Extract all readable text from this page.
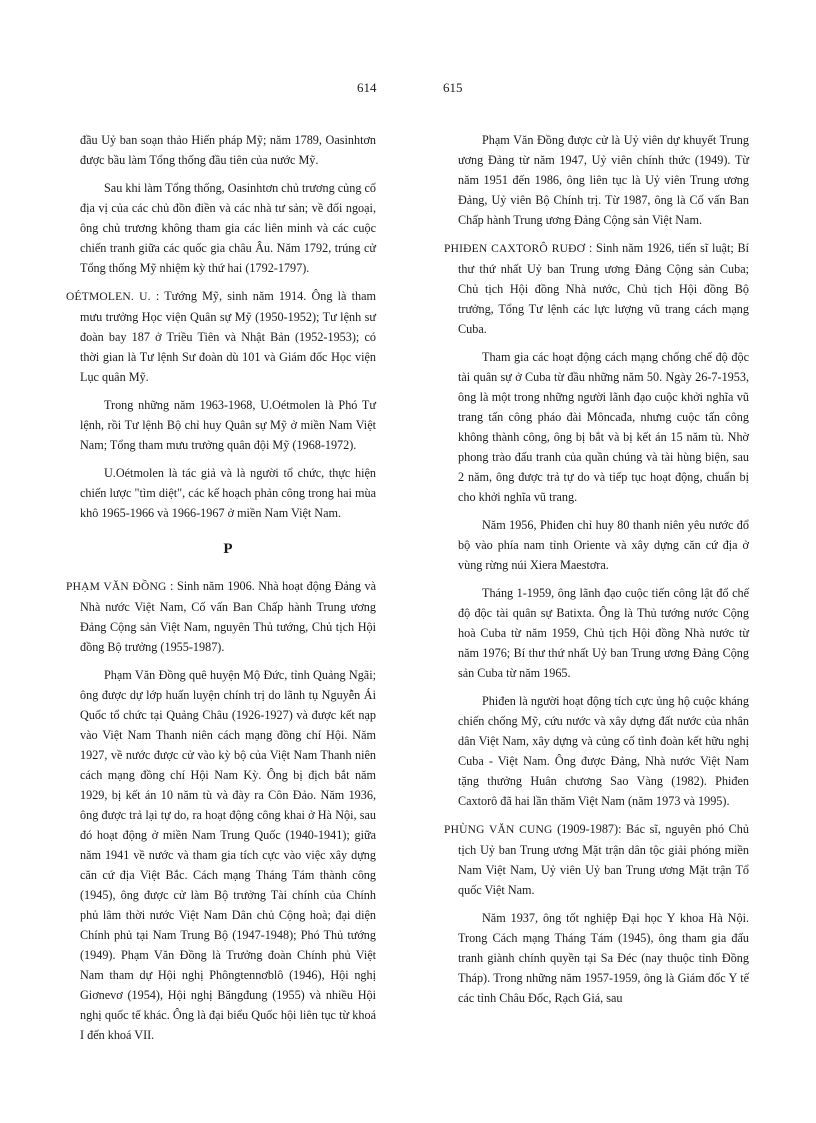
614	615

đầu Uỷ ban soạn thảo Hiến pháp Mỹ; năm 1789, Oasinhtơn được bầu làm Tổng thống đầu tiên của nước Mỹ.

Sau khi làm Tổng thống, Oasinhtơn chủ trương củng cố địa vị của các chủ đồn điền và các nhà tư sản; về đối ngoại, ông chủ trương không tham gia các liên minh và các cuộc chiến tranh giữa các quốc gia châu Âu. Năm 1792, trúng cử Tổng thống Mỹ nhiệm kỳ thứ hai (1792-1797).

OÉTMOLEN. U. : Tướng Mỹ, sinh năm 1914. Ông là tham mưu trưởng Học viện Quân sự Mỹ (1950-1952); Tư lệnh sư đoàn bay 187 ở Triều Tiên và Nhật Bản (1952-1953); có thời gian là Tư lệnh Sư đoàn dù 101 và Giám đốc Học viện Lục quân Mỹ.

Trong những năm 1963-1968, U.Oétmolen là Phó Tư lệnh, rồi Tư lệnh Bộ chỉ huy Quân sự Mỹ ở miền Nam Việt Nam; Tổng tham mưu trưởng quân đội Mỹ (1968-1972).

U.Oétmolen là tác giả và là người tổ chức, thực hiện chiến lược "tìm diệt", các kế hoạch phản công trong hai mùa khô 1965-1966 và 1966-1967 ở miền Nam Việt Nam.

P

PHẠM VĂN ĐỒNG : Sinh năm 1906. Nhà hoạt động Đảng và Nhà nước Việt Nam, Cố vấn Ban Chấp hành Trung ương Đảng Cộng sản Việt Nam, nguyên Thủ tướng, Chủ tịch Hội đồng Bộ trưởng (1955-1987).

Phạm Văn Đồng quê huyện Mộ Đức, tỉnh Quảng Ngãi; ông được dự lớp huấn luyện chính trị do lãnh tụ Nguyễn Ái Quốc tổ chức tại Quảng Châu (1926-1927) và được kết nạp vào Việt Nam Thanh niên cách mạng đồng chí Hội. Năm 1927, về nước được cử vào kỳ bộ của Việt Nam Thanh niên cách mạng đồng chí Hội Nam Kỳ. Ông bị địch bắt năm 1929, bị kết án 10 năm tù và đày ra Côn Đảo. Năm 1936, ông được trả lại tự do, ra hoạt động công khai ở Hà Nội, sau đó hoạt động ở miền Nam Trung Quốc (1940-1941); giữa năm 1941 về nước và tham gia tích cực vào việc xây dựng căn cứ địa Việt Bắc. Cách mạng Tháng Tám thành công (1945), ông được cử làm Bộ trưởng Tài chính của Chính phủ lâm thời nước Việt Nam Dân chủ Cộng hoà; đại diện Chính phủ tại Nam Trung Bộ (1947-1948); Phó Thủ tướng (1949). Phạm Văn Đồng là Trưởng đoàn Chính phủ Việt Nam tham dự Hội nghị Phôngtennơblô (1946), Hội nghị Giơnevơ (1954), Hội nghị Băngđung (1955) và nhiều Hội nghị quốc tế khác. Ông là đại biểu Quốc hội liên tục từ khoá I đến khoá VII.

Phạm Văn Đồng được cử là Uỷ viên dự khuyết Trung ương Đảng từ năm 1947, Uỷ viên chính thức (1949). Từ năm 1951 đến 1986, ông liên tục là Uỷ viên Trung ương Đảng, Uỷ viên Bộ Chính trị. Từ 1987, ông là Cố vấn Ban Chấp hành Trung ương Đảng Cộng sản Việt Nam.

PHIĐEN CAXTORÔ RUĐƠ : Sinh năm 1926, tiến sĩ luật; Bí thư thứ nhất Uỷ ban Trung ương Đảng Cộng sản Cuba; Chủ tịch Hội đồng Nhà nước, Chủ tịch Hội đồng Bộ trưởng, Tổng Tư lệnh các lực lượng vũ trang cách mạng Cuba.

Tham gia các hoạt động cách mạng chống chế độ độc tài quân sự ở Cuba từ đầu những năm 50. Ngày 26-7-1953, ông là một trong những người lãnh đạo cuộc khởi nghĩa vũ trang tấn công pháo đài Môncađa, nhưng cuộc tấn công không thành công, ông bị bắt và bị kết án 15 năm tù. Nhờ phong trào đấu tranh của quần chúng và tài hùng biện, sau 2 năm, ông được trả tự do và tiếp tục hoạt động, chuẩn bị cho khởi nghĩa vũ trang.

Năm 1956, Phiđen chỉ huy 80 thanh niên yêu nước đổ bộ vào phía nam tỉnh Oriente và xây dựng căn cứ địa ở vùng rừng núi Xiera Maestơra.

Tháng 1-1959, ông lãnh đạo cuộc tiến công lật đổ chế độ độc tài quân sự Batixta. Ông là Thủ tướng nước Cộng hoà Cuba từ năm 1959, Chủ tịch Hội đồng Nhà nước từ năm 1976; Bí thư thứ nhất Uỷ ban Trung ương Đảng Cộng sản Cuba từ năm 1965.

Phiđen là người hoạt động tích cực ủng hộ cuộc kháng chiến chống Mỹ, cứu nước và xây dựng đất nước của nhân dân Việt Nam, xây dựng và củng cố tình đoàn kết hữu nghị Cuba - Việt Nam. Ông được Đảng, Nhà nước Việt Nam tặng thưởng Huân chương Sao Vàng (1982). Phiđen Caxtorô đã hai lần thăm Việt Nam (năm 1973 và 1995).

PHÙNG VĂN CUNG (1909-1987): Bác sĩ, nguyên phó Chủ tịch Uỷ ban Trung ương Mặt trận dân tộc giải phóng miền Nam Việt Nam, Uỷ viên Uỷ ban Trung ương Mặt trận Tổ quốc Việt Nam.

Năm 1937, ông tốt nghiệp Đại học Y khoa Hà Nội. Trong Cách mạng Tháng Tám (1945), ông tham gia đấu tranh giành chính quyền tại Sa Đéc (nay thuộc tỉnh Đồng Tháp). Trong những năm 1957-1959, ông là Giám đốc Y tế các tỉnh Châu Đốc, Rạch Giá, sau
